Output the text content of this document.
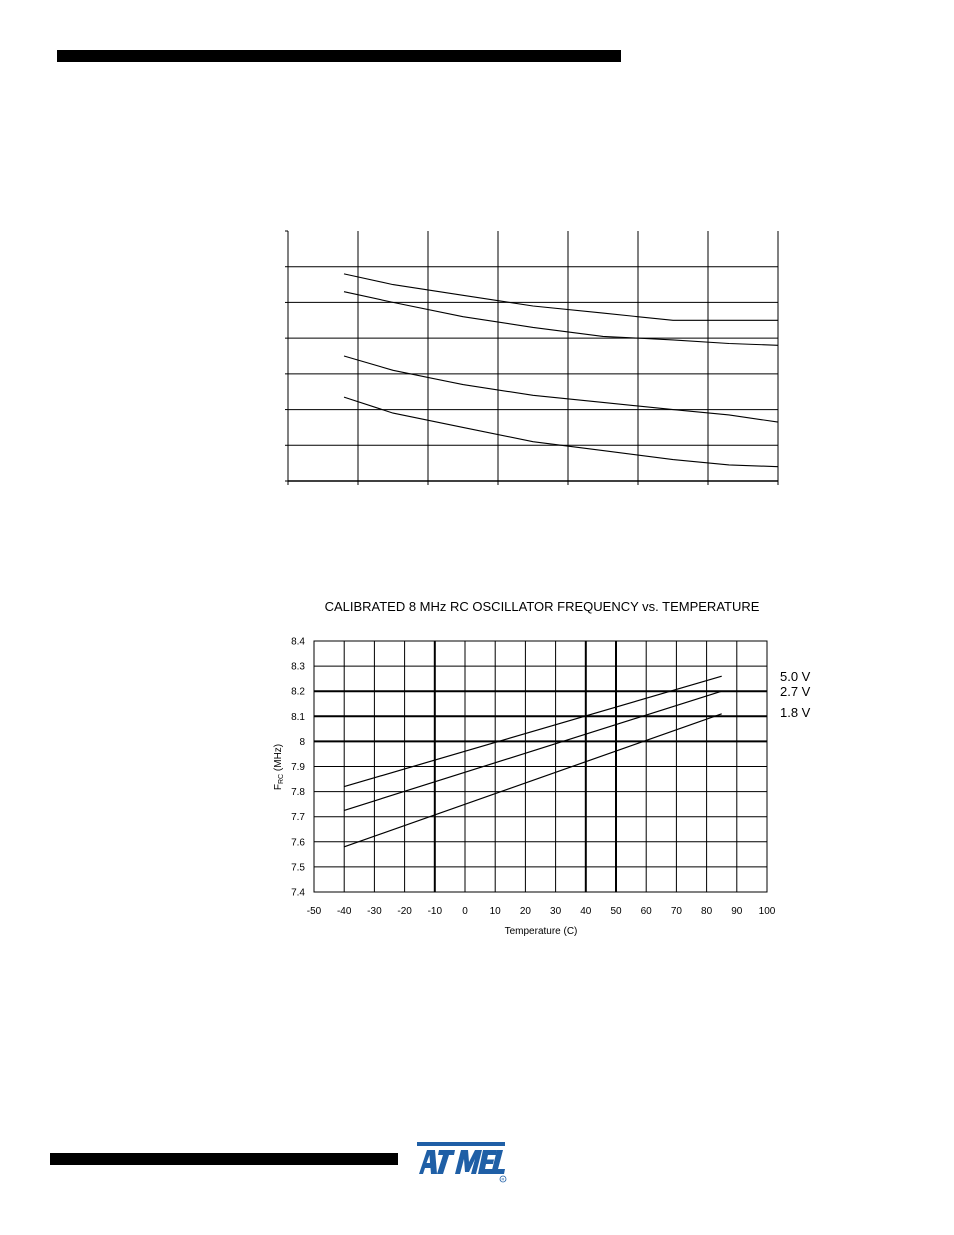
CALIBRATED 8 MHz RC OSCILLATOR FREQUENCY vs. TEMPERATURE
Temperature (C)
$F_{RC}$ (MHz)
-50 -40 -30 -20 -10 0 10 20 30 40 50 60 70 80 90 100
7.4
7.5
7.6
7.7
7.8
7.9
8
8.1
8.2
8.3
8.4
5.0 V
2.7 V
1.8 V
R
